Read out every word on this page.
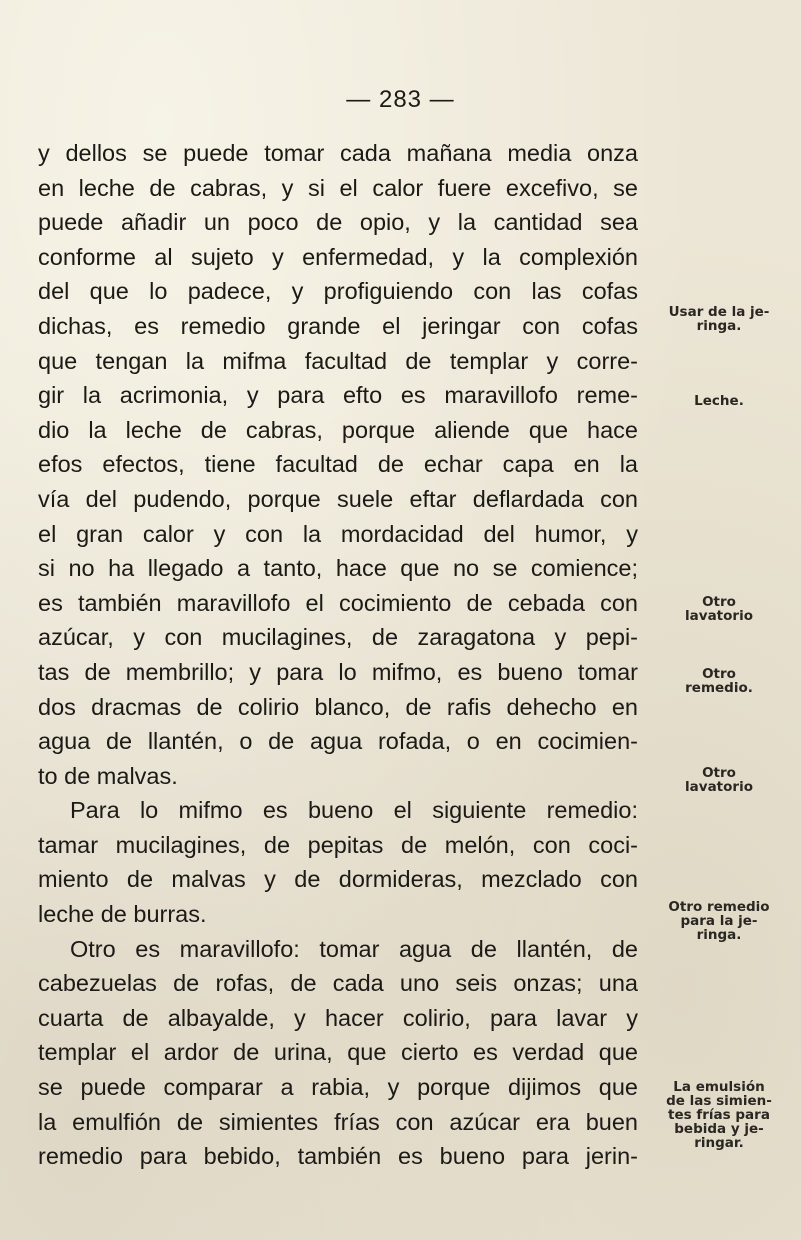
— 283 —
y dellos se puede tomar cada mañana media onza
en leche de cabras, y si el calor fuere excefivo, se
puede añadir un poco de opio, y la cantidad sea
conforme al sujeto y enfermedad, y la complexión
del que lo padece, y profiguiendo con las cofas
dichas, es remedio grande el jeringar con cofas
que tengan la mifma facultad de templar y corre-
gir la acrimonia, y para efto es maravillofo reme-
dio la leche de cabras, porque aliende que hace
efos efectos, tiene facultad de echar capa en la
vía del pudendo, porque suele eftar deflardada con
el gran calor y con la mordacidad del humor, y
si no ha llegado a tanto, hace que no se comience;
es también maravillofo el cocimiento de cebada con
azúcar, y con mucilagines, de zaragatona y pepi-
tas de membrillo; y para lo mifmo, es bueno tomar
dos dracmas de colirio blanco, de rafis dehecho en
agua de llantén, o de agua rofada, o en cocimien-
to de malvas.
Para lo mifmo es bueno el siguiente remedio:
tamar mucilagines, de pepitas de melón, con coci-
miento de malvas y de dormideras, mezclado con
leche de burras.
Otro es maravillofo: tomar agua de llantén, de
cabezuelas de rofas, de cada uno seis onzas; una
cuarta de albayalde, y hacer colirio, para lavar y
templar el ardor de urina, que cierto es verdad que
se puede comparar a rabia, y porque dijimos que
la emulfión de simientes frías con azúcar era buen
remedio para bebido, también es bueno para jerin-
Usar de la je-
ringa.
Leche.
Otro
lavatorio
Otro
remedio.
Otro
lavatorio
Otro remedio
para la je-
ringa.
La emulsión
de las simien-
tes frías para
bebida y je-
ringar.
